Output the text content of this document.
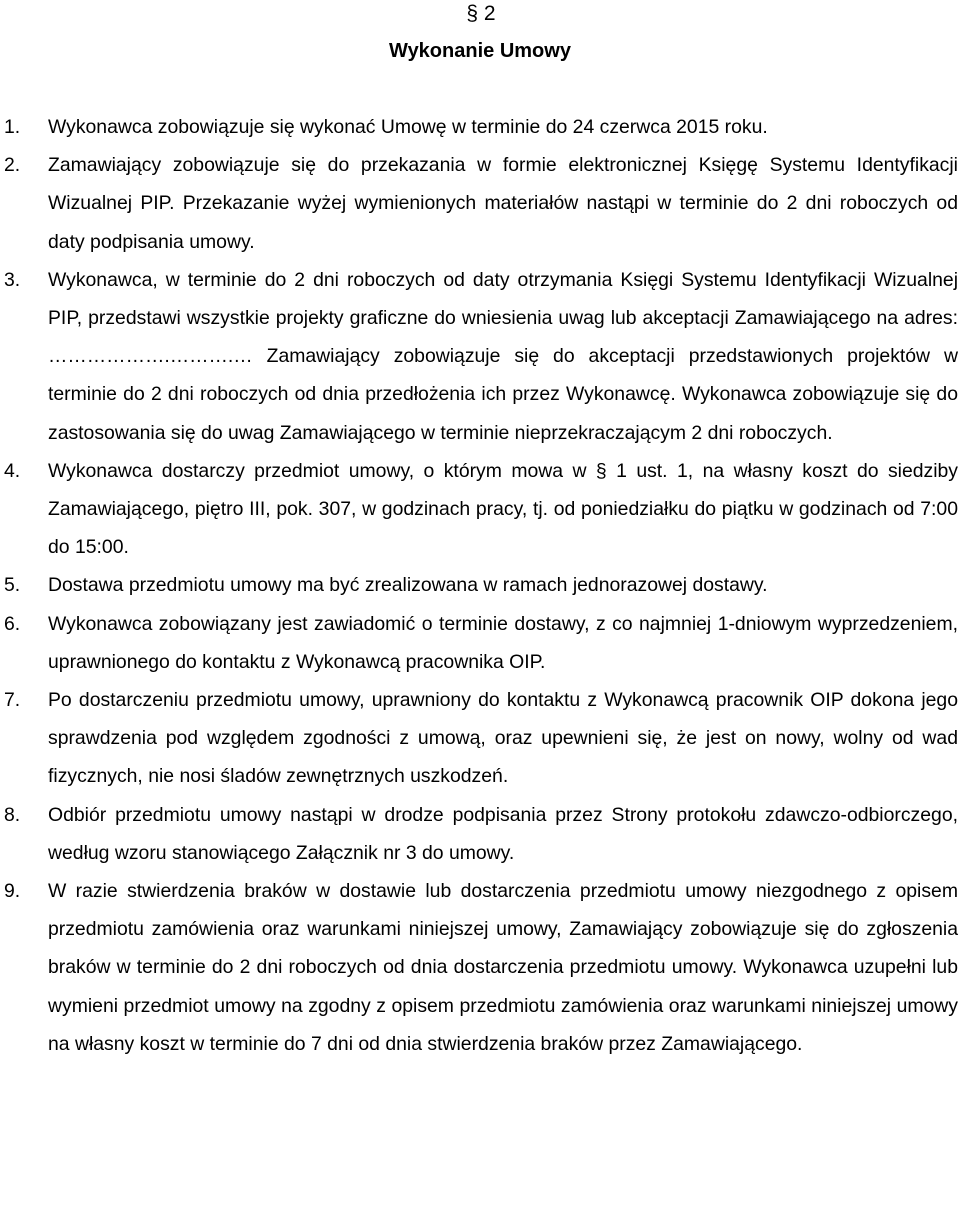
§ 2
Wykonanie Umowy
1.	Wykonawca zobowiązuje się wykonać Umowę w terminie do 24 czerwca 2015 roku.
2.	Zamawiający zobowiązuje się do przekazania w formie elektronicznej Księgę Systemu Identyfikacji Wizualnej PIP. Przekazanie wyżej wymienionych materiałów nastąpi w terminie do 2 dni roboczych od daty podpisania umowy.
3.	Wykonawca, w terminie do 2 dni roboczych od daty otrzymania Księgi Systemu Identyfikacji Wizualnej PIP, przedstawi wszystkie projekty graficzne do wniesienia uwag lub akceptacji Zamawiającego na adres: ……………….……….… Zamawiający zobowiązuje się do akceptacji przedstawionych projektów w terminie do 2 dni roboczych od dnia przedłożenia ich przez Wykonawcę. Wykonawca zobowiązuje się do zastosowania się do uwag Zamawiającego w terminie nieprzekraczającym 2 dni roboczych.
4.	Wykonawca dostarczy przedmiot umowy, o którym mowa w § 1 ust. 1, na własny koszt do siedziby Zamawiającego, piętro III, pok. 307, w godzinach pracy, tj. od poniedziałku do piątku w godzinach od 7:00 do 15:00.
5.	Dostawa przedmiotu umowy ma być zrealizowana w ramach jednorazowej dostawy.
6.	Wykonawca zobowiązany jest zawiadomić o terminie dostawy, z co najmniej 1-dniowym wyprzedzeniem, uprawnionego do kontaktu z Wykonawcą pracownika OIP.
7.	Po dostarczeniu przedmiotu umowy, uprawniony do kontaktu z Wykonawcą pracownik OIP dokona jego sprawdzenia pod względem zgodności z umową, oraz upewnieni się, że jest on nowy, wolny od wad fizycznych, nie nosi śladów zewnętrznych uszkodzeń.
8.	Odbiór przedmiotu umowy nastąpi w drodze podpisania przez Strony protokołu zdawczo-odbiorczego, według wzoru stanowiącego Załącznik nr 3 do umowy.
9.	W razie stwierdzenia braków w dostawie lub dostarczenia przedmiotu umowy niezgodnego z opisem przedmiotu zamówienia oraz warunkami niniejszej umowy, Zamawiający zobowiązuje się do zgłoszenia braków w terminie do 2 dni roboczych od dnia dostarczenia przedmiotu umowy. Wykonawca uzupełni lub wymieni przedmiot umowy na zgodny z opisem przedmiotu zamówienia oraz warunkami niniejszej umowy na własny koszt w terminie do 7 dni od dnia stwierdzenia braków przez Zamawiającego.
